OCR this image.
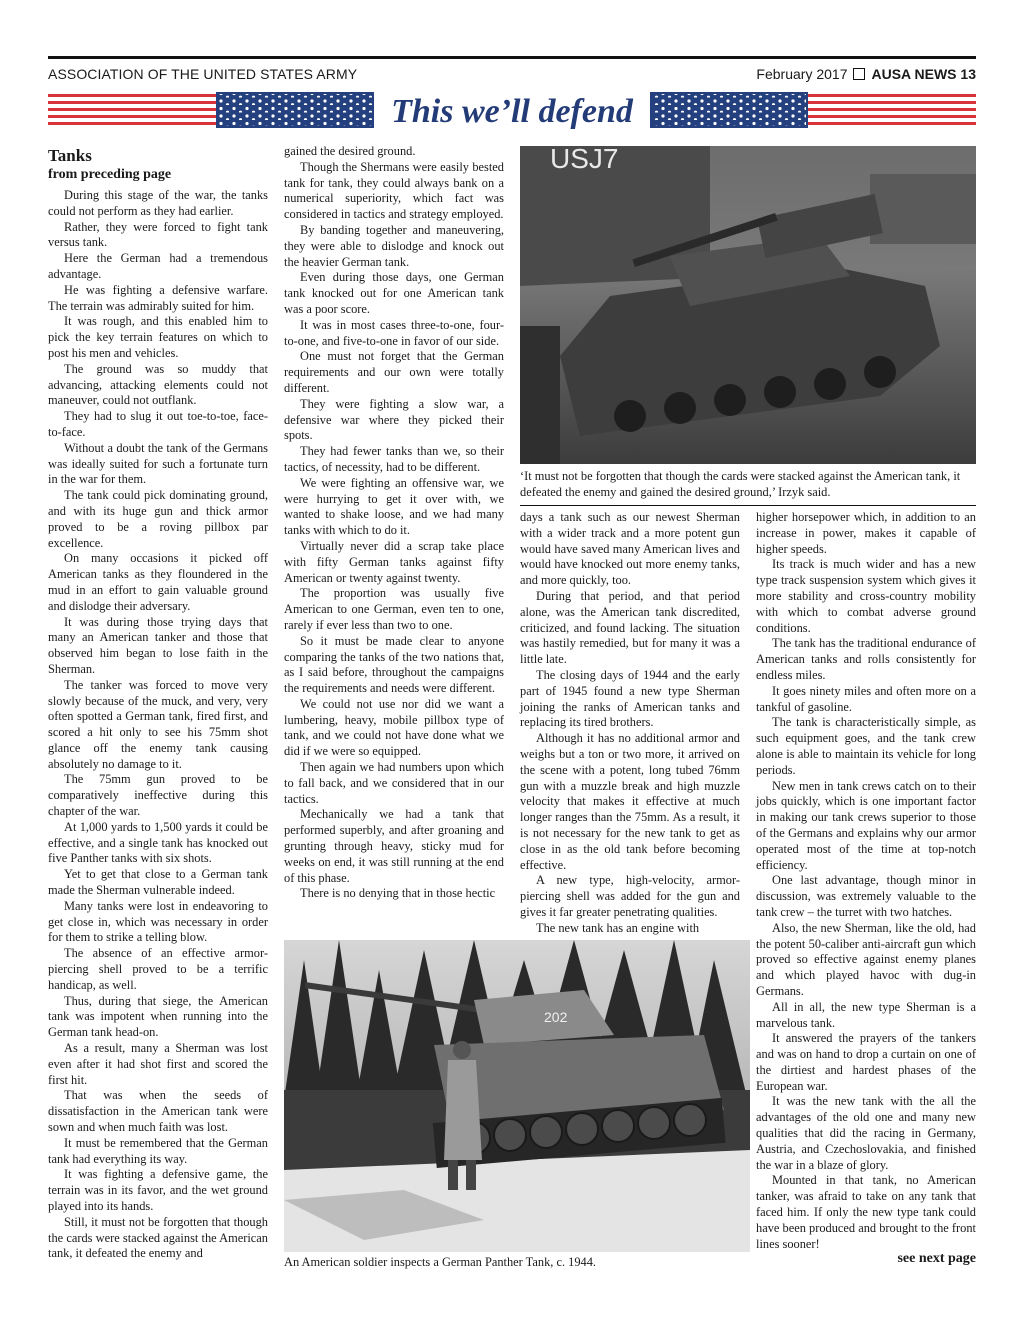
ASSOCIATION OF THE UNITED STATES ARMY	February 2017 AUSA NEWS 13
This we’ll defend
Tanks
from preceding page

During this stage of the war, the tanks could not perform as they had earlier.

Rather, they were forced to fight tank versus tank.

Here the German had a tremendous advantage.

He was fighting a defensive warfare. The terrain was admirably suited for him.

It was rough, and this enabled him to pick the key terrain features on which to post his men and vehicles.

The ground was so muddy that advancing, attacking elements could not maneuver, could not outflank.

They had to slug it out toe-to-toe, face-to-face.

Without a doubt the tank of the Germans was ideally suited for such a fortunate turn in the war for them.

The tank could pick dominating ground, and with its huge gun and thick armor proved to be a roving pillbox par excellence.

On many occasions it picked off American tanks as they floundered in the mud in an effort to gain valuable ground and dislodge their adversary.

It was during those trying days that many an American tanker and those that observed him began to lose faith in the Sherman.

The tanker was forced to move very slowly because of the muck, and very, very often spotted a German tank, fired first, and scored a hit only to see his 75mm shot glance off the enemy tank causing absolutely no damage to it.

The 75mm gun proved to be comparatively ineffective during this chapter of the war.

At 1,000 yards to 1,500 yards it could be effective, and a single tank has knocked out five Panther tanks with six shots.

Yet to get that close to a German tank made the Sherman vulnerable indeed.

Many tanks were lost in endeavoring to get close in, which was necessary in order for them to strike a telling blow.

The absence of an effective armor-piercing shell proved to be a terrific handicap, as well.

Thus, during that siege, the American tank was impotent when running into the German tank head-on.

As a result, many a Sherman was lost even after it had shot first and scored the first hit.

That was when the seeds of dissatisfaction in the American tank were sown and when much faith was lost.

It must be remembered that the German tank had everything its way.

It was fighting a defensive game, the terrain was in its favor, and the wet ground played into its hands.

Still, it must not be forgotten that though the cards were stacked against the American tank, it defeated the enemy and

gained the desired ground.

Though the Shermans were easily bested tank for tank, they could always bank on a numerical superiority, which fact was considered in tactics and strategy employed.

By banding together and maneuvering, they were able to dislodge and knock out the heavier German tank.

Even during those days, one German tank knocked out for one American tank was a poor score.

It was in most cases three-to-one, four-to-one, and five-to-one in favor of our side.

One must not forget that the German requirements and our own were totally different.

They were fighting a slow war, a defensive war where they picked their spots.

They had fewer tanks than we, so their tactics, of necessity, had to be different.

We were fighting an offensive war, we were hurrying to get it over with, we wanted to shake loose, and we had many tanks with which to do it.

Virtually never did a scrap take place with fifty German tanks against fifty American or twenty against twenty.

The proportion was usually five American to one German, even ten to one, rarely if ever less than two to one.

So it must be made clear to anyone comparing the tanks of the two nations that, as I said before, throughout the campaigns the requirements and needs were different.

We could not use nor did we want a lumbering, heavy, mobile pillbox type of tank, and we could not have done what we did if we were so equipped.

Then again we had numbers upon which to fall back, and we considered that in our tactics.

Mechanically we had a tank that performed superbly, and after groaning and grunting through heavy, sticky mud for weeks on end, it was still running at the end of this phase.

There is no denying that in those hectic

USJ7
‘It must not be forgotten that though the cards were stacked against the American tank, it defeated the enemy and gained the desired ground,’ Irzyk said.

days a tank such as our newest Sherman with a wider track and a more potent gun would have saved many American lives and would have knocked out more enemy tanks, and more quickly, too.

During that period, and that period alone, was the American tank discredited, criticized, and found lacking. The situation was hastily remedied, but for many it was a little late.

The closing days of 1944 and the early part of 1945 found a new type Sherman joining the ranks of American tanks and replacing its tired brothers.

Although it has no additional armor and weighs but a ton or two more, it arrived on the scene with a potent, long tubed 76mm gun with a muzzle break and high muzzle velocity that makes it effective at much longer ranges than the 75mm. As a result, it is not necessary for the new tank to get as close in as the old tank before becoming effective.

A new type, high-velocity, armor-piercing shell was added for the gun and gives it far greater penetrating qualities.

The new tank has an engine with

higher horsepower which, in addition to an increase in power, makes it capable of higher speeds.

Its track is much wider and has a new type track suspension system which gives it more stability and cross-country mobility with which to combat adverse ground conditions.

The tank has the traditional endurance of American tanks and rolls consistently for endless miles.

It goes ninety miles and often more on a tankful of gasoline.

The tank is characteristically simple, as such equipment goes, and the tank crew alone is able to maintain its vehicle for long periods.

New men in tank crews catch on to their jobs quickly, which is one important factor in making our tank crews superior to those of the Germans and explains why our armor operated most of the time at top-notch efficiency.

One last advantage, though minor in discussion, was extremely valuable to the tank crew – the turret with two hatches.

Also, the new Sherman, like the old, had the potent 50-caliber anti-aircraft gun which proved so effective against enemy planes and which played havoc with dug-in Germans.

All in all, the new type Sherman is a marvelous tank.

It answered the prayers of the tankers and was on hand to drop a curtain on one of the dirtiest and hardest phases of the European war.

It was the new tank with the all the advantages of the old one and many new qualities that did the racing in Germany, Austria, and Czechoslovakia, and finished the war in a blaze of glory.

Mounted in that tank, no American tanker, was afraid to take on any tank that faced him. If only the new type tank could have been produced and brought to the front lines sooner!

202
An American soldier inspects a German Panther Tank, c. 1944.	see next page
